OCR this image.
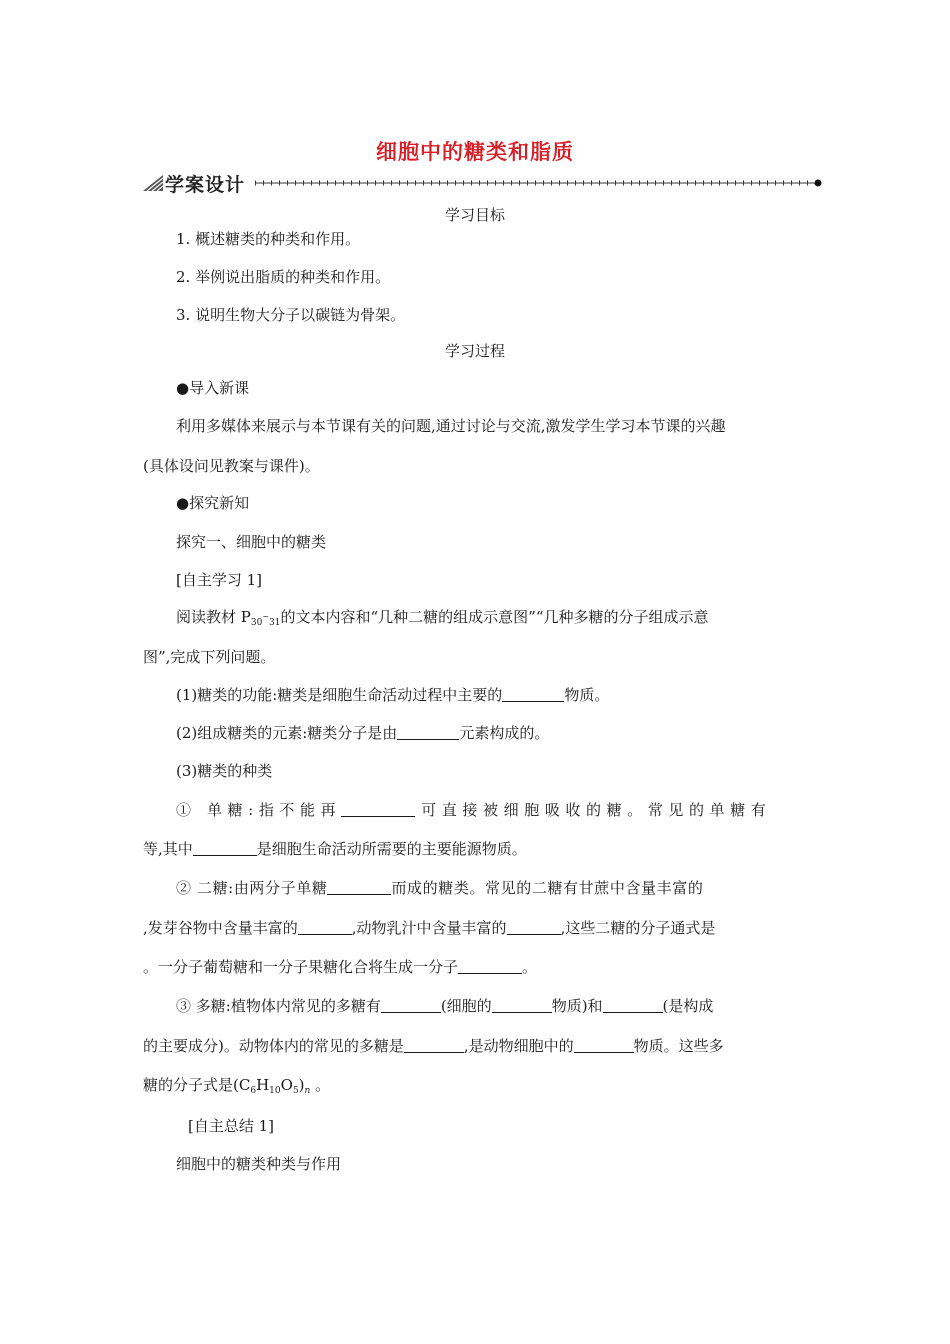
细胞中的糖类和脂质
学案设计
学习目标
1. 概述糖类的种类和作用。
2. 举例说出脂质的种类和作用。
3. 说明生物大分子以碳链为骨架。
学习过程
●导入新课
利用多媒体来展示与本节课有关的问题,通过讨论与交流,激发学生学习本节课的兴趣
(具体设问见教案与课件)。
●探究新知
探究一、细胞中的糖类
[自主学习 1]
阅读教材 $P_{30}^\sim_{31}$的文本内容和“几种二糖的组成示意图”“几种多糖的分子组成示意
图”,完成下列问题。
(1)糖类的功能:糖类是细胞生命活动过程中主要的	物质。
(2)组成糖类的元素:糖类分子是由	元素构成的。
(3)糖类的种类
① 单糖:指不能再	可直接被细胞吸收的糖。常见的单糖有
等,其中	是细胞生命活动所需要的主要能源物质。
② 二糖:由两分子单糖	而成的糖类。常见的二糖有甘蔗中含量丰富的
,发芽谷物中含量丰富的	,动物乳汁中含量丰富的	,这些二糖的分子通式是
。一分子葡萄糖和一分子果糖化合将生成一分子	。
③ 多糖:植物体内常见的多糖有	(细胞的	物质)和	(是构成
的主要成分)。动物体内的常见的多糖是	,是动物细胞中的	物质。这些多
糖的分子式是$(C_6H_{10}O_5)_n$ 。
[自主总结 1]
细胞中的糖类种类与作用
